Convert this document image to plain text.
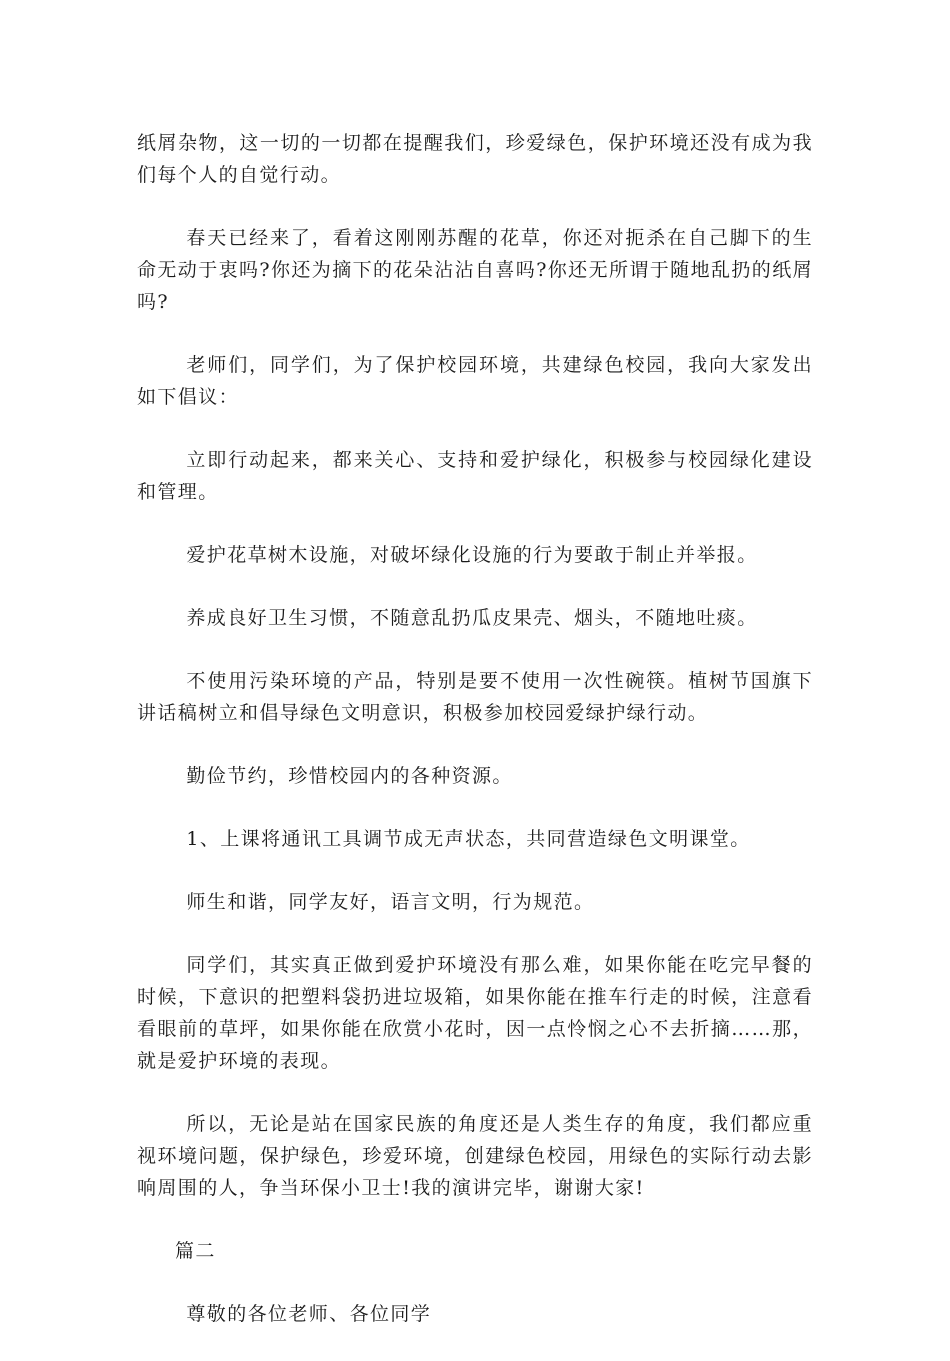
纸屑杂物，这一切的一切都在提醒我们，珍爱绿色，保护环境还没有成为我们每个人的自觉行动。

春天已经来了，看着这刚刚苏醒的花草，你还对扼杀在自己脚下的生命无动于衷吗?你还为摘下的花朵沾沾自喜吗?你还无所谓于随地乱扔的纸屑吗?

老师们，同学们，为了保护校园环境，共建绿色校园，我向大家发出如下倡议：

立即行动起来，都来关心、支持和爱护绿化，积极参与校园绿化建设和管理。

爱护花草树木设施，对破坏绿化设施的行为要敢于制止并举报。

养成良好卫生习惯，不随意乱扔瓜皮果壳、烟头，不随地吐痰。

不使用污染环境的产品，特别是要不使用一次性碗筷。植树节国旗下讲话稿树立和倡导绿色文明意识，积极参加校园爱绿护绿行动。

勤俭节约，珍惜校园内的各种资源。

1、上课将通讯工具调节成无声状态，共同营造绿色文明课堂。

师生和谐，同学友好，语言文明，行为规范。

同学们，其实真正做到爱护环境没有那么难，如果你能在吃完早餐的时候，下意识的把塑料袋扔进垃圾箱，如果你能在推车行走的时候，注意看看眼前的草坪，如果你能在欣赏小花时，因一点怜悯之心不去折摘……那，就是爱护环境的表现。

所以，无论是站在国家民族的角度还是人类生存的角度，我们都应重视环境问题，保护绿色，珍爱环境，创建绿色校园，用绿色的实际行动去影响周围的人，争当环保小卫士!我的演讲完毕，谢谢大家!

篇二

尊敬的各位老师、各位同学
